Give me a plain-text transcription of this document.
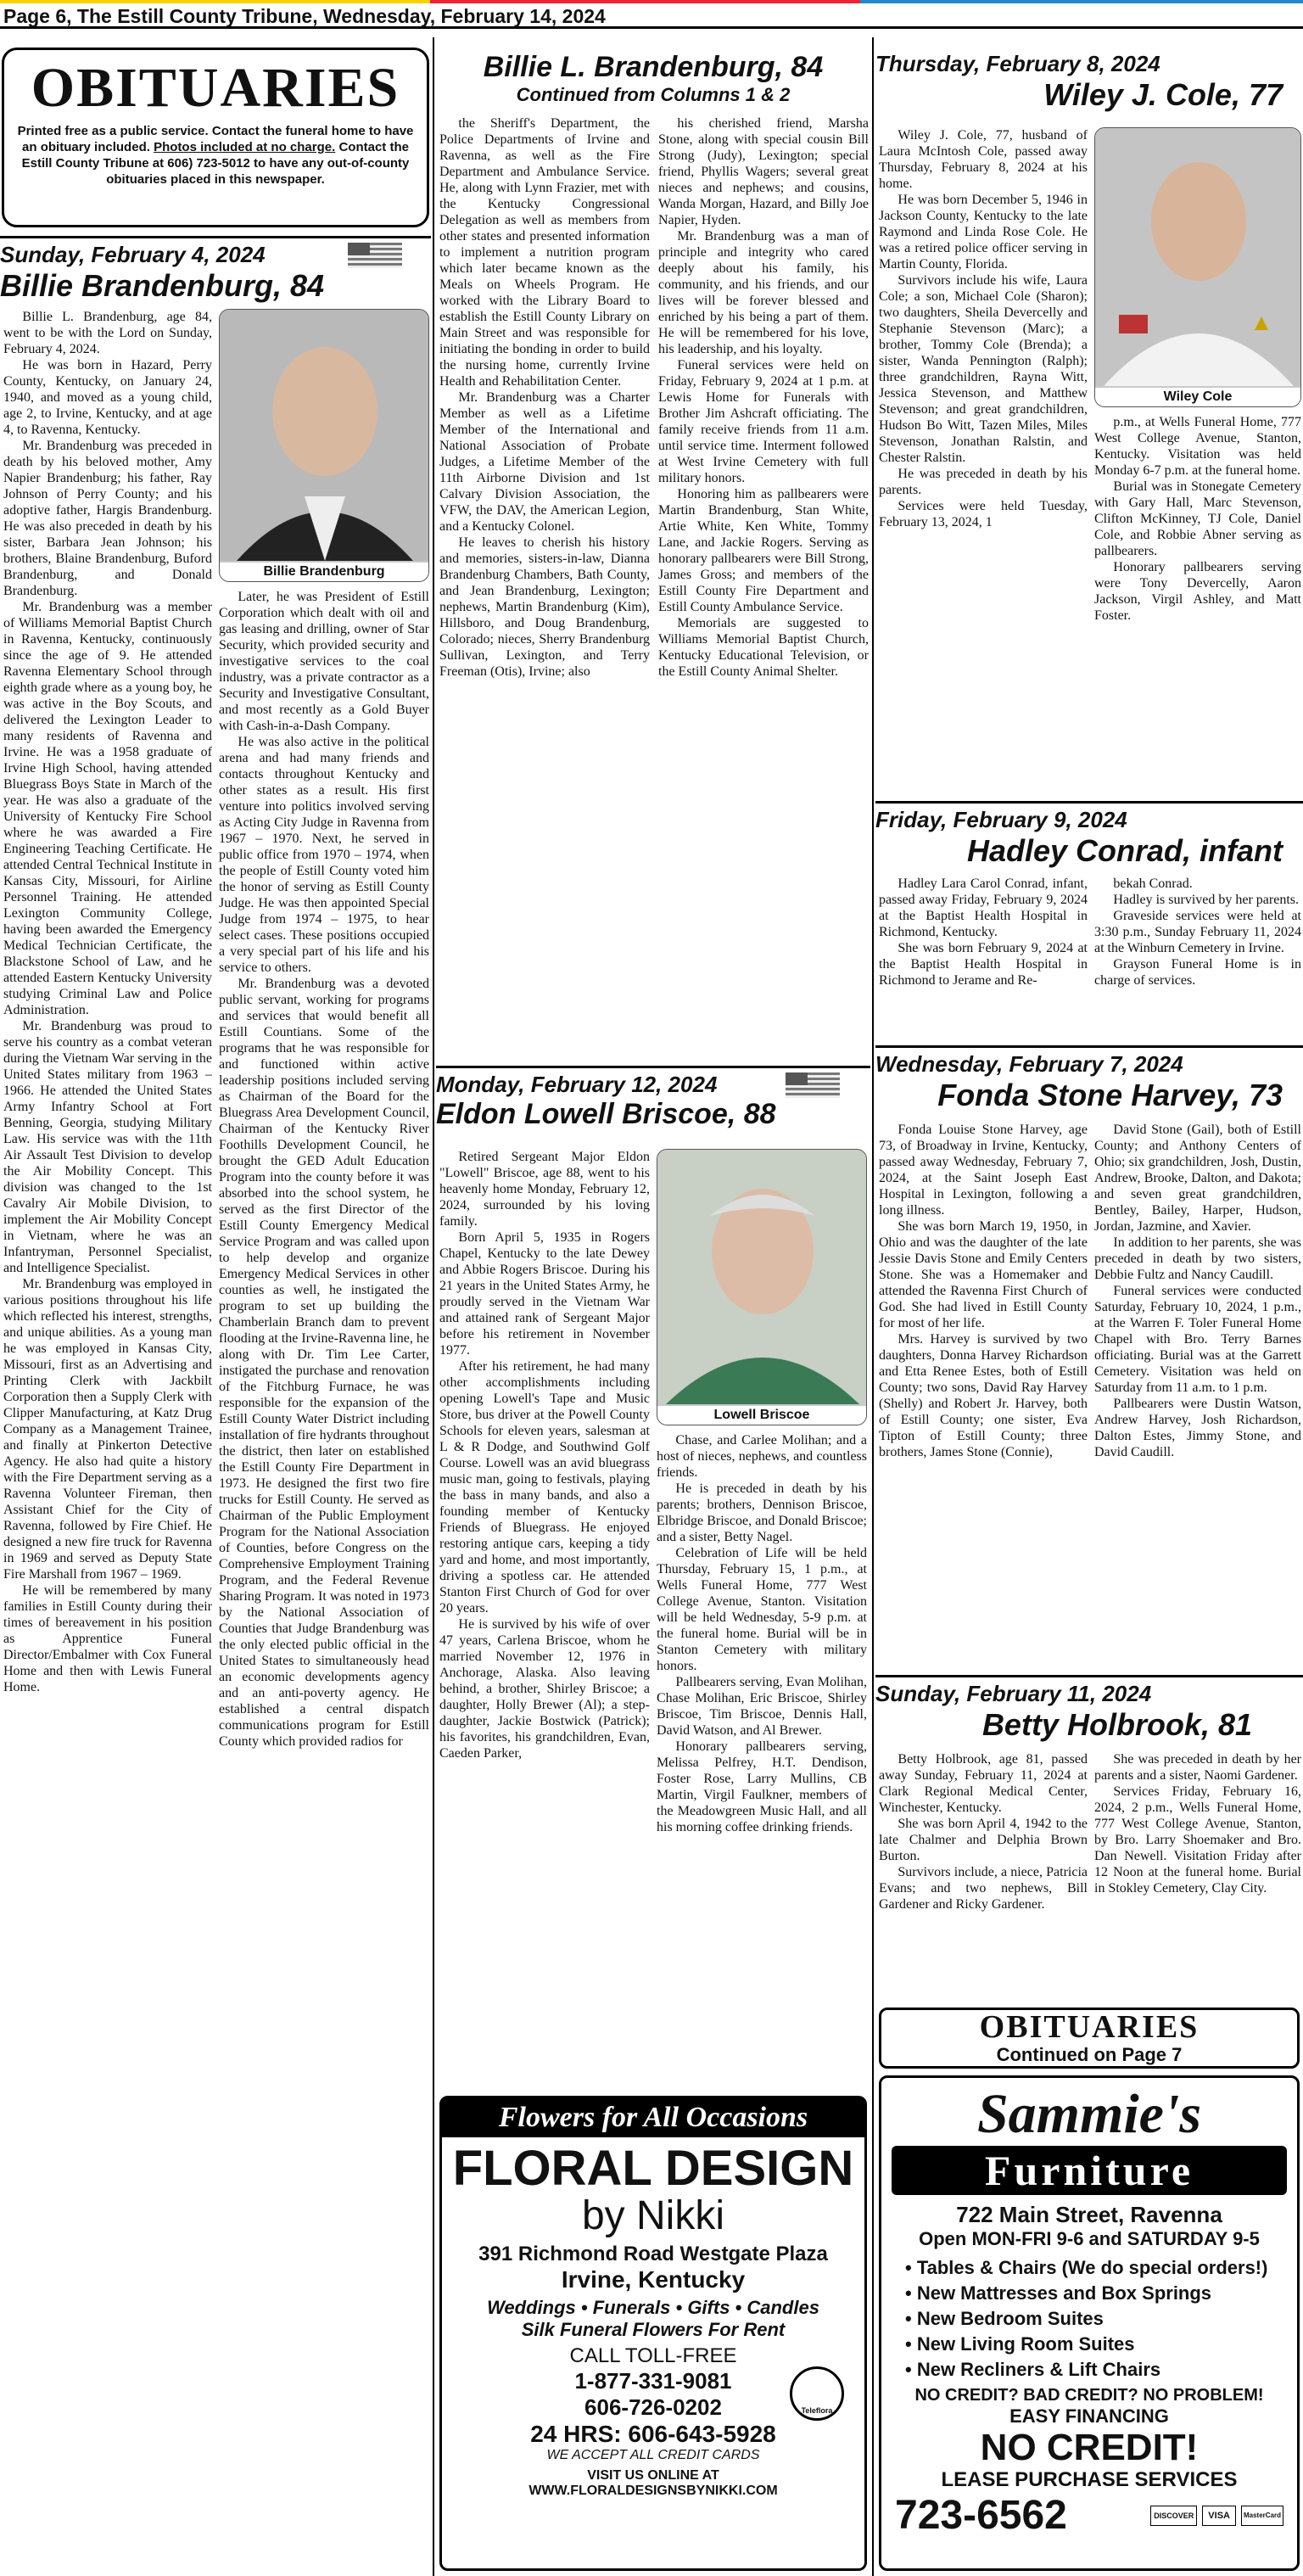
Page 6, The Estill County Tribune, Wednesday, February 14, 2024
OBITUARIES
Printed free as a public service. Contact the funeral home to have an obituary included. Photos included at no charge. Contact the Estill County Tribune at 606) 723-5012 to have any out-of-county obituaries placed in this newspaper.
Sunday, February 4, 2024
Billie Brandenburg, 84
Billie Brandenburg

Billie L. Brandenburg, age 84, went to be with the Lord on Sunday, February 4, 2024.

He was born in Hazard, Perry County, Kentucky, on January 24, 1940, and moved as a young child, age 2, to Irvine, Kentucky, and at age 4, to Ravenna, Kentucky.

Mr. Brandenburg was preceded in death by his beloved mother, Amy Napier Brandenburg; his father, Ray Johnson of Perry County; and his adoptive father, Hargis Brandenburg. He was also preceded in death by his sister, Barbara Jean Johnson; his brothers, Blaine Brandenburg, Buford Brandenburg, and Donald Brandenburg.

Mr. Brandenburg was a member of Williams Memorial Baptist Church in Ravenna, Kentucky, continuously since the age of 9. He attended Ravenna Elementary School through eighth grade where as a young boy, he was active in the Boy Scouts, and delivered the Lexington Leader to many residents of Ravenna and Irvine. He was a 1958 graduate of Irvine High School, having attended Bluegrass Boys State in March of the year. He was also a graduate of the University of Kentucky Fire School where he was awarded a Fire Engineering Teaching Certificate. He attended Central Technical Institute in Kansas City, Missouri, for Airline Personnel Training. He attended Lexington Community College, having been awarded the Emergency Medical Technician Certificate, the Blackstone School of Law, and he attended Eastern Kentucky University studying Criminal Law and Police Administration.

Mr. Brandenburg was proud to serve his country as a combat veteran during the Vietnam War serving in the United States military from 1963 – 1966. He attended the United States Army Infantry School at Fort Benning, Georgia, studying Military Law. His service was with the 11th Air Assault Test Division to develop the Air Mobility Concept. This division was changed to the 1st Cavalry Air Mobile Division, to implement the Air Mobility Concept in Vietnam, where he was an Infantryman, Personnel Specialist, and Intelligence Specialist.

Mr. Brandenburg was employed in various positions throughout his life which reflected his interest, strengths, and unique abilities. As a young man he was employed in Kansas City, Missouri, first as an Advertising and Printing Clerk with Jackbilt Corporation then a Supply Clerk with Clipper Manufacturing, at Katz Drug Company as a Management Trainee, and finally at Pinkerton Detective Agency. He also had quite a history with the Fire Department serving as a Ravenna Volunteer Fireman, then Assistant Chief for the City of Ravenna, followed by Fire Chief. He designed a new fire truck for Ravenna in 1969 and served as Deputy State Fire Marshall from 1967 – 1969.

He will be remembered by many families in Estill County during their times of bereavement in his position as Apprentice Funeral Director/Embalmer with Cox Funeral Home and then with Lewis Funeral Home.

Later, he was President of Estill Corporation which dealt with oil and gas leasing and drilling, owner of Star Security, which provided security and investigative services to the coal industry, was a private contractor as a Security and Investigative Consultant, and most recently as a Gold Buyer with Cash-in-a-Dash Company.

He was also active in the political arena and had many friends and contacts throughout Kentucky and other states as a result. His first venture into politics involved serving as Acting City Judge in Ravenna from 1967 – 1970. Next, he served in public office from 1970 – 1974, when the people of Estill County voted him the honor of serving as Estill County Judge. He was then appointed Special Judge from 1974 – 1975, to hear select cases. These positions occupied a very special part of his life and his service to others.

Mr. Brandenburg was a devoted public servant, working for programs and services that would benefit all Estill Countians. Some of the programs that he was responsible for and functioned within active leadership positions included serving as Chairman of the Board for the Bluegrass Area Development Council, Chairman of the Kentucky River Foothills Development Council, he brought the GED Adult Education Program into the county before it was absorbed into the school system, he served as the first Director of the Estill County Emergency Medical Service Program and was called upon to help develop and organize Emergency Medical Services in other counties as well, he instigated the program to set up building the Chamberlain Branch dam to prevent flooding at the Irvine-Ravenna line, he along with Dr. Tim Lee Carter, instigated the purchase and renovation of the Fitchburg Furnace, he was responsible for the expansion of the Estill County Water District including installation of fire hydrants throughout the district, then later on established the Estill County Fire Department in 1973. He designed the first two fire trucks for Estill County. He served as Chairman of the Public Employment Program for the National Association of Counties, before Congress on the Comprehensive Employment Training Program, and the Federal Revenue Sharing Program. It was noted in 1973 by the National Association of Counties that Judge Brandenburg was the only elected public official in the United States to simultaneously head an economic developments agency and an anti-poverty agency. He established a central dispatch communications program for Estill County which provided radios for

Billie L. Brandenburg, 84
Continued from Columns 1 & 2

the Sheriff's Department, the Police Departments of Irvine and Ravenna, as well as the Fire Department and Ambulance Service. He, along with Lynn Frazier, met with the Kentucky Congressional Delegation as well as members from other states and presented information to implement a nutrition program which later became known as the Meals on Wheels Program. He worked with the Library Board to establish the Estill County Library on Main Street and was responsible for initiating the bonding in order to build the nursing home, currently Irvine Health and Rehabilitation Center.

Mr. Brandenburg was a Charter Member as well as a Lifetime Member of the International and National Association of Probate Judges, a Lifetime Member of the 11th Airborne Division and 1st Calvary Division Association, the VFW, the DAV, the American Legion, and a Kentucky Colonel.

He leaves to cherish his history and memories, sisters-in-law, Dianna Brandenburg Chambers, Bath County, and Jean Brandenburg, Lexington; nephews, Martin Brandenburg (Kim), Hillsboro, and Doug Brandenburg, Colorado; nieces, Sherry Brandenburg Sullivan, Lexington, and Terry Freeman (Otis), Irvine; also

his cherished friend, Marsha Stone, along with special cousin Bill Strong (Judy), Lexington; special friend, Phyllis Wagers; several great nieces and nephews; and cousins, Wanda Morgan, Hazard, and Billy Joe Napier, Hyden.

Mr. Brandenburg was a man of principle and integrity who cared deeply about his family, his community, and his friends, and our lives will be forever blessed and enriched by his being a part of them. He will be remembered for his love, his leadership, and his loyalty.

Funeral services were held on Friday, February 9, 2024 at 1 p.m. at Lewis Home for Funerals with Brother Jim Ashcraft officiating. The family receive friends from 11 a.m. until service time. Interment followed at West Irvine Cemetery with full military honors.

Honoring him as pallbearers were Martin Brandenburg, Stan White, Artie White, Ken White, Tommy Lane, and Jackie Rogers. Serving as honorary pallbearers were Bill Strong, James Gross; and members of the Estill County Fire Department and Estill County Ambulance Service.

Memorials are suggested to Williams Memorial Baptist Church, Kentucky Educational Television, or the Estill County Animal Shelter.

Monday, February 12, 2024
Eldon Lowell Briscoe, 88
Lowell Briscoe

Retired Sergeant Major Eldon "Lowell" Briscoe, age 88, went to his heavenly home Monday, February 12, 2024, surrounded by his loving family.

Born April 5, 1935 in Rogers Chapel, Kentucky to the late Dewey and Abbie Rogers Briscoe. During his 21 years in the United States Army, he proudly served in the Vietnam War and attained rank of Sergeant Major before his retirement in November 1977.

After his retirement, he had many other accomplishments including opening Lowell's Tape and Music Store, bus driver at the Powell County Schools for eleven years, salesman at L & R Dodge, and Southwind Golf Course. Lowell was an avid bluegrass music man, going to festivals, playing the bass in many bands, and also a founding member of Kentucky Friends of Bluegrass. He enjoyed restoring antique cars, keeping a tidy yard and home, and most importantly, driving a spotless car. He attended Stanton First Church of God for over 20 years.

He is survived by his wife of over 47 years, Carlena Briscoe, whom he married November 12, 1976 in Anchorage, Alaska. Also leaving behind, a brother, Shirley Briscoe; a daughter, Holly Brewer (Al); a step-daughter, Jackie Bostwick (Patrick); his favorites, his grandchildren, Evan, Caeden Parker,

Chase, and Carlee Molihan; and a host of nieces, nephews, and countless friends.

He is preceded in death by his parents; brothers, Dennison Briscoe, Elbridge Briscoe, and Donald Briscoe; and a sister, Betty Nagel.

Celebration of Life will be held Thursday, February 15, 1 p.m., at Wells Funeral Home, 777 West College Avenue, Stanton. Visitation will be held Wednesday, 5-9 p.m. at the funeral home. Burial will be in Stanton Cemetery with military honors.

Pallbearers serving, Evan Molihan, Chase Molihan, Eric Briscoe, Shirley Briscoe, Tim Briscoe, Dennis Hall, David Watson, and Al Brewer.

Honorary pallbearers serving, Melissa Pelfrey, H.T. Dendison, Foster Rose, Larry Mullins, CB Martin, Virgil Faulkner, members of the Meadowgreen Music Hall, and all his morning coffee drinking friends.

Thursday, February 8, 2024
Wiley J. Cole, 77
Wiley Cole

Wiley J. Cole, 77, husband of Laura McIntosh Cole, passed away Thursday, February 8, 2024 at his home.

He was born December 5, 1946 in Jackson County, Kentucky to the late Raymond and Linda Rose Cole. He was a retired police officer serving in Martin County, Florida.

Survivors include his wife, Laura Cole; a son, Michael Cole (Sharon); two daughters, Sheila Devercelly and Stephanie Stevenson (Marc); a brother, Tommy Cole (Brenda); a sister, Wanda Pennington (Ralph); three grandchildren, Rayna Witt, Jessica Stevenson, and Matthew Stevenson; and great grandchildren, Hudson Bo Witt, Tazen Miles, Miles Stevenson, Jonathan Ralstin, and Chester Ralstin.

He was preceded in death by his parents.

Services were held Tuesday, February 13, 2024, 1

p.m., at Wells Funeral Home, 777 West College Avenue, Stanton, Kentucky. Visitation was held Monday 6-7 p.m. at the funeral home.

Burial was in Stonegate Cemetery with Gary Hall, Marc Stevenson, Clifton McKinney, TJ Cole, Daniel Cole, and Robbie Abner serving as pallbearers.

Honorary pallbearers serving were Tony Devercelly, Aaron Jackson, Virgil Ashley, and Matt Foster.

Friday, February 9, 2024
Hadley Conrad, infant

Hadley Lara Carol Conrad, infant, passed away Friday, February 9, 2024 at the Baptist Health Hospital in Richmond, Kentucky.

She was born February 9, 2024 at the Baptist Health Hospital in Richmond to Jerame and Re-

bekah Conrad.

Hadley is survived by her parents.

Graveside services were held at 3:30 p.m., Sunday February 11, 2024 at the Winburn Cemetery in Irvine.

Grayson Funeral Home is in charge of services.

Wednesday, February 7, 2024
Fonda Stone Harvey, 73

Fonda Louise Stone Harvey, age 73, of Broadway in Irvine, Kentucky, passed away Wednesday, February 7, 2024, at the Saint Joseph East Hospital in Lexington, following a long illness.

She was born March 19, 1950, in Ohio and was the daughter of the late Jessie Davis Stone and Emily Centers Stone. She was a Homemaker and attended the Ravenna First Church of God. She had lived in Estill County for most of her life.

Mrs. Harvey is survived by two daughters, Donna Harvey Richardson and Etta Renee Estes, both of Estill County; two sons, David Ray Harvey (Shelly) and Robert Jr. Harvey, both of Estill County; one sister, Eva Tipton of Estill County; three brothers, James Stone (Connie),

David Stone (Gail), both of Estill County; and Anthony Centers of Ohio; six grandchildren, Josh, Dustin, Andrew, Brooke, Dalton, and Dakota; and seven great grandchildren, Bentley, Bailey, Harper, Hudson, Jordan, Jazmine, and Xavier.

In addition to her parents, she was preceded in death by two sisters, Debbie Fultz and Nancy Caudill.

Funeral services were conducted Saturday, February 10, 2024, 1 p.m., at the Warren F. Toler Funeral Home Chapel with Bro. Terry Barnes officiating. Burial was at the Garrett Cemetery. Visitation was held on Saturday from 11 a.m. to 1 p.m.

Pallbearers were Dustin Watson, Andrew Harvey, Josh Richardson, Dalton Estes, Jimmy Stone, and David Caudill.

Sunday, February 11, 2024
Betty Holbrook, 81

Betty Holbrook, age 81, passed away Sunday, February 11, 2024 at Clark Regional Medical Center, Winchester, Kentucky.

She was born April 4, 1942 to the late Chalmer and Delphia Brown Burton.

Survivors include, a niece, Patricia Evans; and two nephews, Bill Gardener and Ricky Gardener.

She was preceded in death by her parents and a sister, Naomi Gardener.

Services Friday, February 16, 2024, 2 p.m., Wells Funeral Home, 777 West College Avenue, Stanton, by Bro. Larry Shoemaker and Bro. Dan Newell. Visitation Friday after 12 Noon at the funeral home. Burial in Stokley Cemetery, Clay City.

OBITUARIES
Continued on Page 7
Flowers for All Occasions
FLORAL DESIGN
by Nikki
391 Richmond Road Westgate Plaza
Irvine, Kentucky
Weddings • Funerals • Gifts • Candles
Silk Funeral Flowers For Rent
CALL TOLL-FREE
1-877-331-9081
606-726-0202
24 HRS: 606-643-5928
WE ACCEPT ALL CREDIT CARDS
VISIT US ONLINE AT
WWW.FLORALDESIGNSBYNIKKI.COM
Teleflora
Sammie's
Furniture
722 Main Street, Ravenna
Open MON-FRI 9-6 and SATURDAY 9-5
• Tables & Chairs (We do special orders!)
• New Mattresses and Box Springs
• New Bedroom Suites
• New Living Room Suites
• New Recliners & Lift Chairs
NO CREDIT? BAD CREDIT? NO PROBLEM!
EASY FINANCING
NO CREDIT!
LEASE PURCHASE SERVICES
723-6562	DISCOVER	VISA	MasterCard
